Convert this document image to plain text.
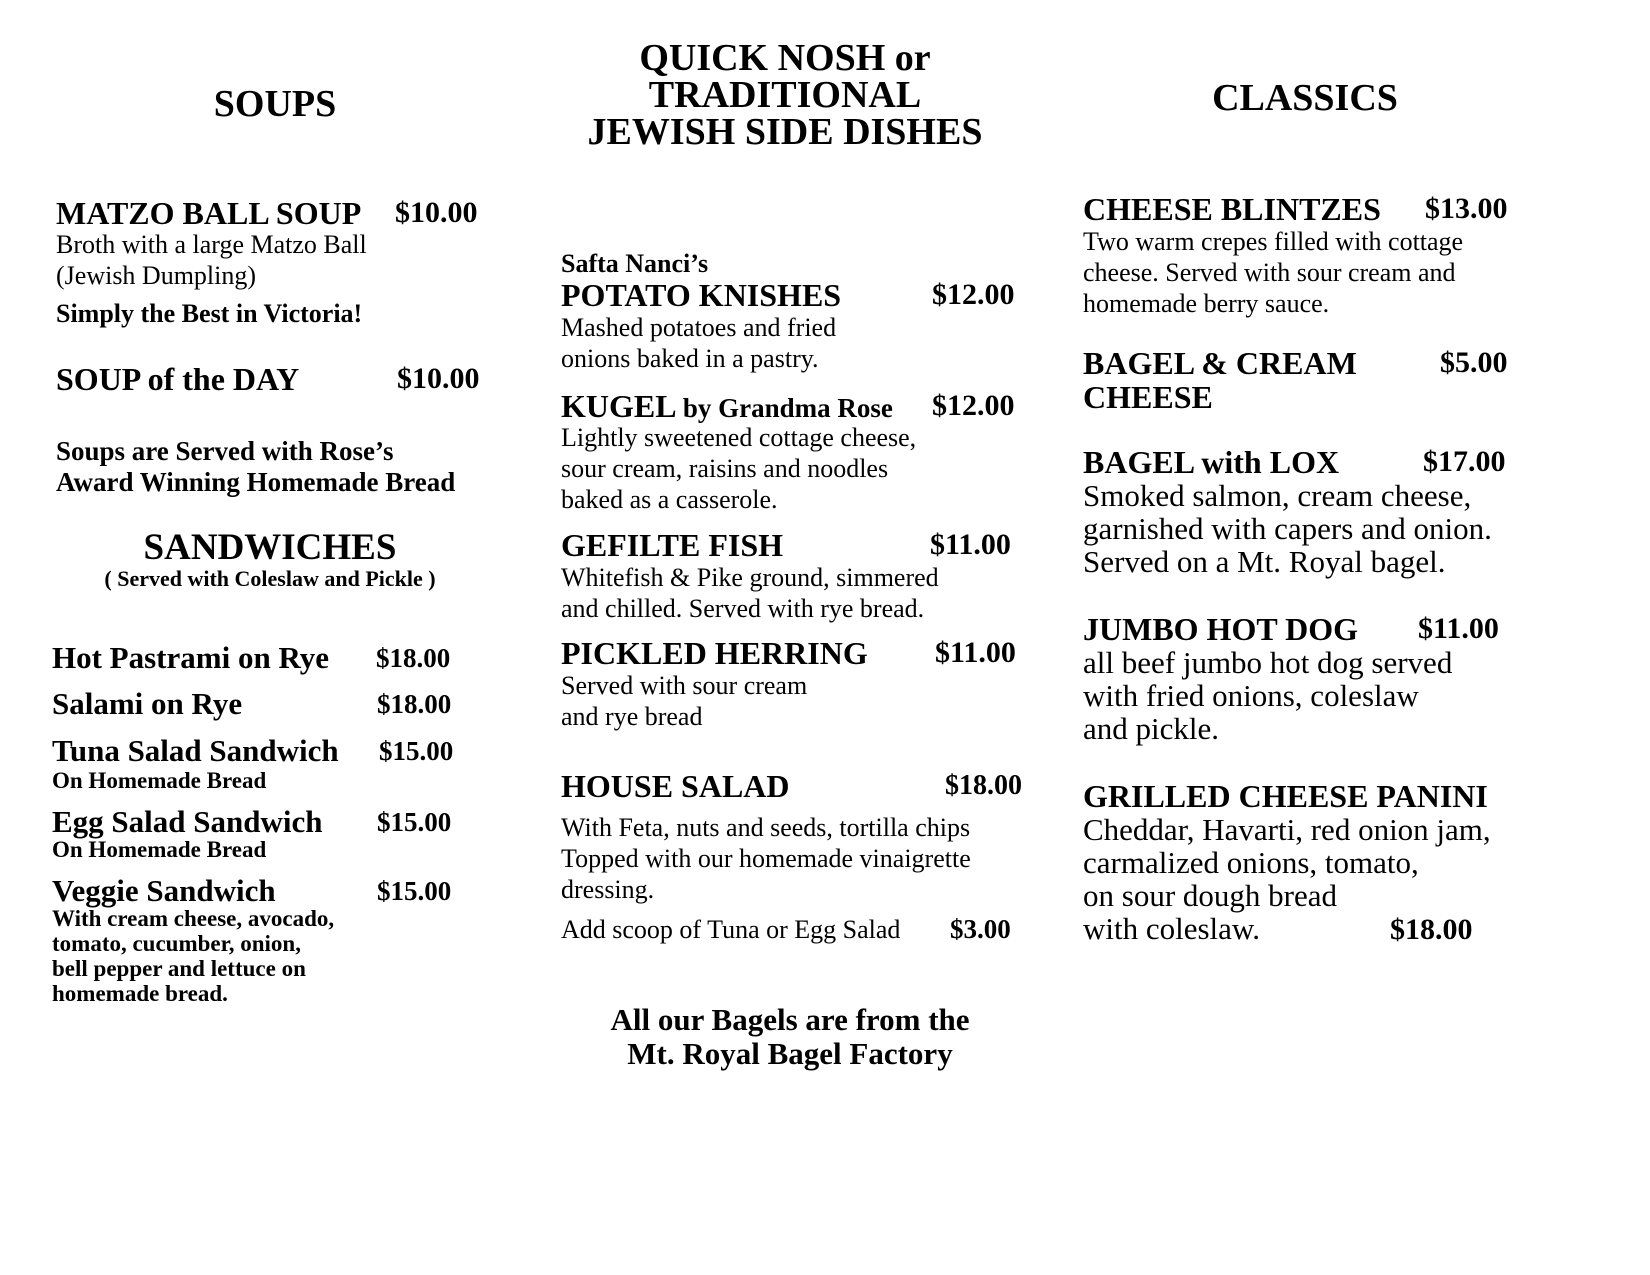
SOUPS
MATZO BALL SOUP $10.00
Broth with a large Matzo Ball
(Jewish Dumpling)
Simply the Best in Victoria!
SOUP of the DAY	$10.00
Soups are Served with Rose’s
Award Winning Homemade Bread
SANDWICHES
( Served with Coleslaw and Pickle )
Hot Pastrami on Rye $18.00
Salami on Rye	$18.00
Tuna Salad Sandwich $15.00
On Homemade Bread
Egg Salad Sandwich $15.00
On Homemade Bread
Veggie Sandwich	$15.00
With cream cheese, avocado,
tomato, cucumber, onion,
bell pepper and lettuce on
homemade bread.
QUICK NOSH or
TRADITIONAL
JEWISH SIDE DISHES
Safta Nanci’s
POTATO KNISHES	$12.00
Mashed potatoes and fried
onions baked in a pastry.
KUGEL by Grandma Rose $12.00
Lightly sweetened cottage cheese,
sour cream, raisins and noodles
baked as a casserole.
GEFILTE FISH	$11.00
Whitefish & Pike ground, simmered
and chilled. Served with rye bread.
PICKLED HERRING $11.00
Served with sour cream
and rye bread
HOUSE SALAD	$18.00
With Feta, nuts and seeds, tortilla chips
Topped with our homemade vinaigrette
dressing.
Add scoop of Tuna or Egg Salad $3.00
All our Bagels are from the
Mt. Royal Bagel Factory
CLASSICS
CHEESE BLINTZES $13.00
Two warm crepes filled with cottage
cheese. Served with sour cream and
homemade berry sauce.
BAGEL & CREAM
CHEESE
$5.00
BAGEL with LOX	$17.00
Smoked salmon, cream cheese,
garnished with capers and onion.
Served on a Mt. Royal bagel.
JUMBO HOT DOG $11.00
all beef jumbo hot dog served
with fried onions, coleslaw
and pickle.
GRILLED CHEESE PANINI
Cheddar, Havarti, red onion jam,
carmalized onions, tomato,
on sour dough bread
with coleslaw.	$18.00
